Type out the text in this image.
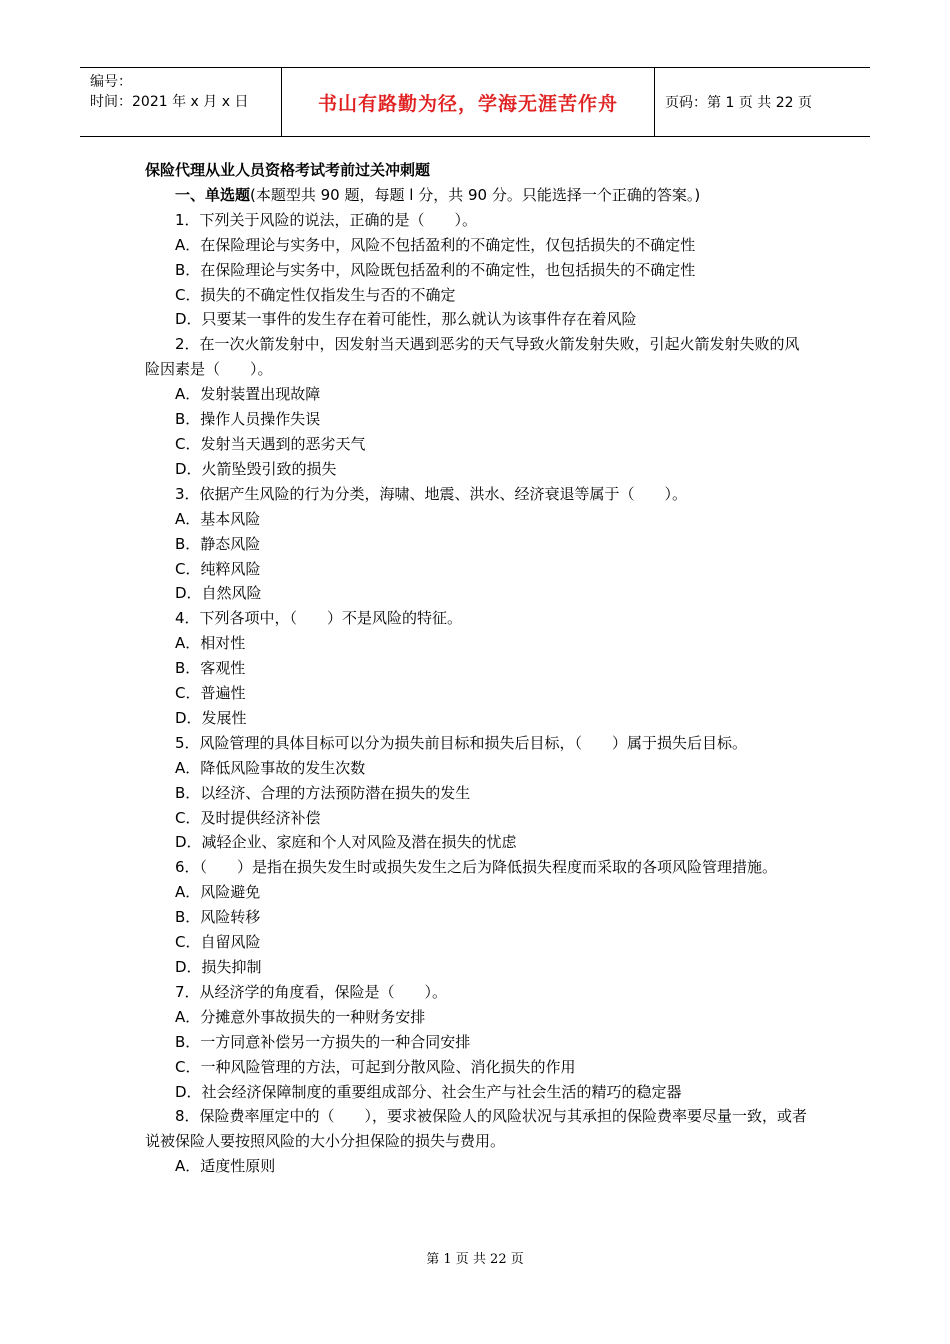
编号：
时间：2021 年 x 月 x 日	书山有路勤为径，学海无涯苦作舟	页码：第 1 页 共 22 页

保险代理从业人员资格考试考前过关冲刺题

一、单选题(本题型共 90 题，每题 l 分，共 90 分。只能选择一个正确的答案。)

1．下列关于风险的说法，正确的是（　　）。

A．在保险理论与实务中，风险不包括盈利的不确定性，仅包括损失的不确定性

B．在保险理论与实务中，风险既包括盈利的不确定性，也包括损失的不确定性

C．损失的不确定性仅指发生与否的不确定

D．只要某一事件的发生存在着可能性，那么就认为该事件存在着风险

2．在一次火箭发射中，因发射当天遇到恶劣的天气导致火箭发射失败，引起火箭发射失败的风险因素是（　　）。

A．发射装置出现故障

B．操作人员操作失误

C．发射当天遇到的恶劣天气

D．火箭坠毁引致的损失

3．依据产生风险的行为分类，海啸、地震、洪水、经济衰退等属于（　　）。

A．基本风险

B．静态风险

C．纯粹风险

D．自然风险

4．下列各项中，（　　）不是风险的特征。

A．相对性

B．客观性

C．普遍性

D．发展性

5．风险管理的具体目标可以分为损失前目标和损失后目标，（　　）属于损失后目标。

A．降低风险事故的发生次数

B．以经济、合理的方法预防潜在损失的发生

C．及时提供经济补偿

D．减轻企业、家庭和个人对风险及潜在损失的忧虑

6．（　　）是指在损失发生时或损失发生之后为降低损失程度而采取的各项风险管理措施。

A．风险避免

B．风险转移

C．自留风险

D．损失抑制

7．从经济学的角度看，保险是（　　）。

A．分摊意外事故损失的一种财务安排

B．一方同意补偿另一方损失的一种合同安排

C．一种风险管理的方法，可起到分散风险、消化损失的作用

D．社会经济保障制度的重要组成部分、社会生产与社会生活的精巧的稳定器

8．保险费率厘定中的（　　），要求被保险人的风险状况与其承担的保险费率要尽量一致，或者说被保险人要按照风险的大小分担保险的损失与费用。

A．适度性原则

第 1 页 共 22 页
